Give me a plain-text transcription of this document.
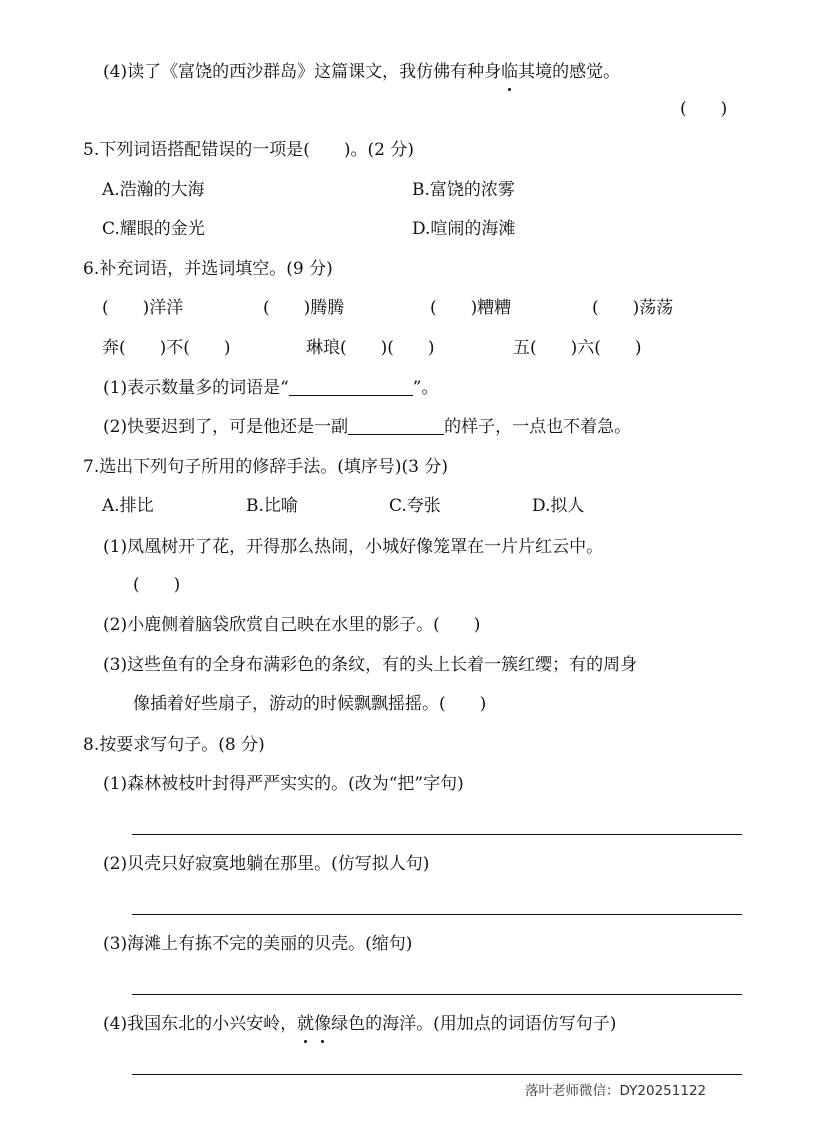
(4)读了《富饶的西沙群岛》这篇课文，我仿佛有种身临其境的感觉。
(　　)
5.下列词语搭配错误的一项是(　　)。(2 分)
A.浩瀚的大海	B.富饶的浓雾
C.耀眼的金光	D.喧闹的海滩
6.补充词语，并选词填空。(9 分)
(　　)洋洋	(　　)腾腾	(　　)糟糟	(　　)荡荡
奔(　　)不(　　)	琳琅(　　)(　　)	五(　　)六(　　)
(1)表示数量多的词语是“	”。
(2)快要迟到了，可是他还是一副	的样子，一点也不着急。
7.选出下列句子所用的修辞手法。(填序号)(3 分)
A.排比	B.比喻	C.夸张	D.拟人
(1)凤凰树开了花，开得那么热闹，小城好像笼罩在一片片红云中。
(　　)
(2)小鹿侧着脑袋欣赏自己映在水里的影子。(　　)
(3)这些鱼有的全身布满彩色的条纹，有的头上长着一簇红缨；有的周身
像插着好些扇子，游动的时候飘飘摇摇。(　　)
8.按要求写句子。(8 分)
(1)森林被枝叶封得严严实实的。(改为“把”字句)
(2)贝壳只好寂寞地躺在那里。(仿写拟人句)
(3)海滩上有拣不完的美丽的贝壳。(缩句)
(4)我国东北的小兴安岭，就像绿色的海洋。(用加点的词语仿写句子)
落叶老师微信：DY20251122
